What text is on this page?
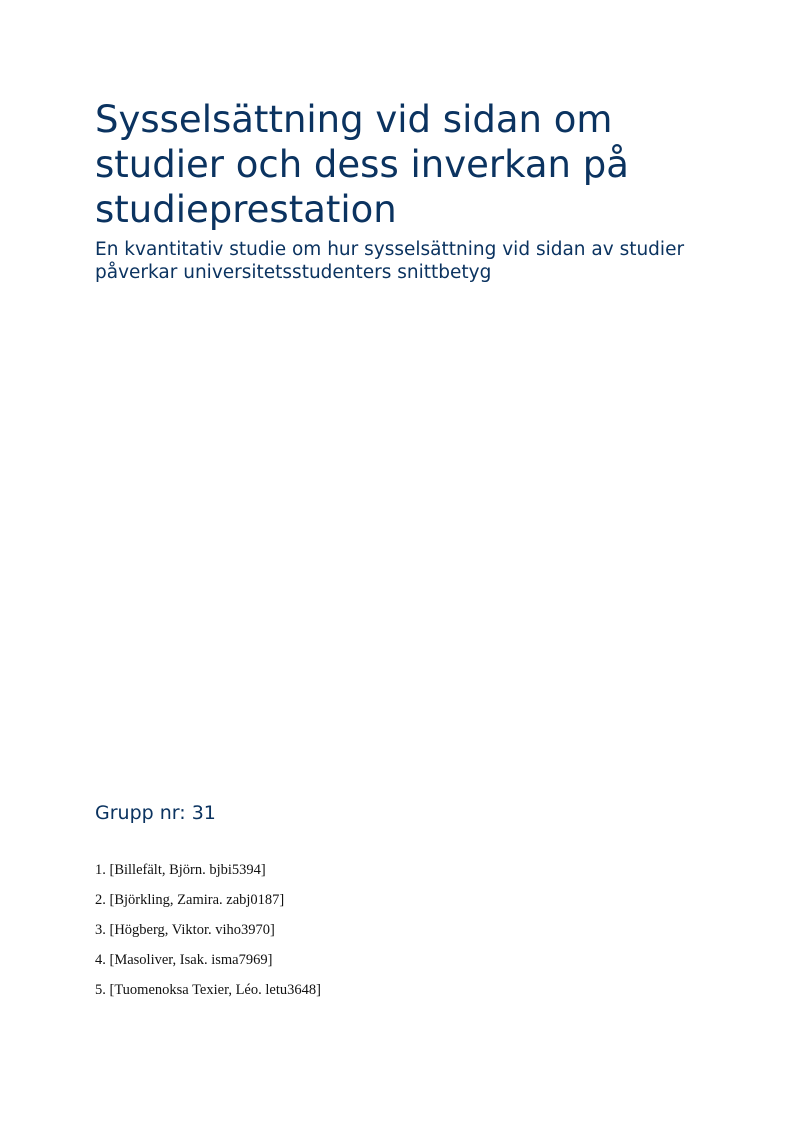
Sysselsättning vid sidan om studier och dess inverkan på studieprestation

En kvantitativ studie om hur sysselsättning vid sidan av studier påverkar universitetsstudenters snittbetyg

Grupp nr: 31

1. [Billefält, Björn. bjbi5394]
2. [Björkling, Zamira. zabj0187]
3. [Högberg, Viktor. viho3970]
4. [Masoliver, Isak. isma7969]
5. [Tuomenoksa Texier, Léo. letu3648]
